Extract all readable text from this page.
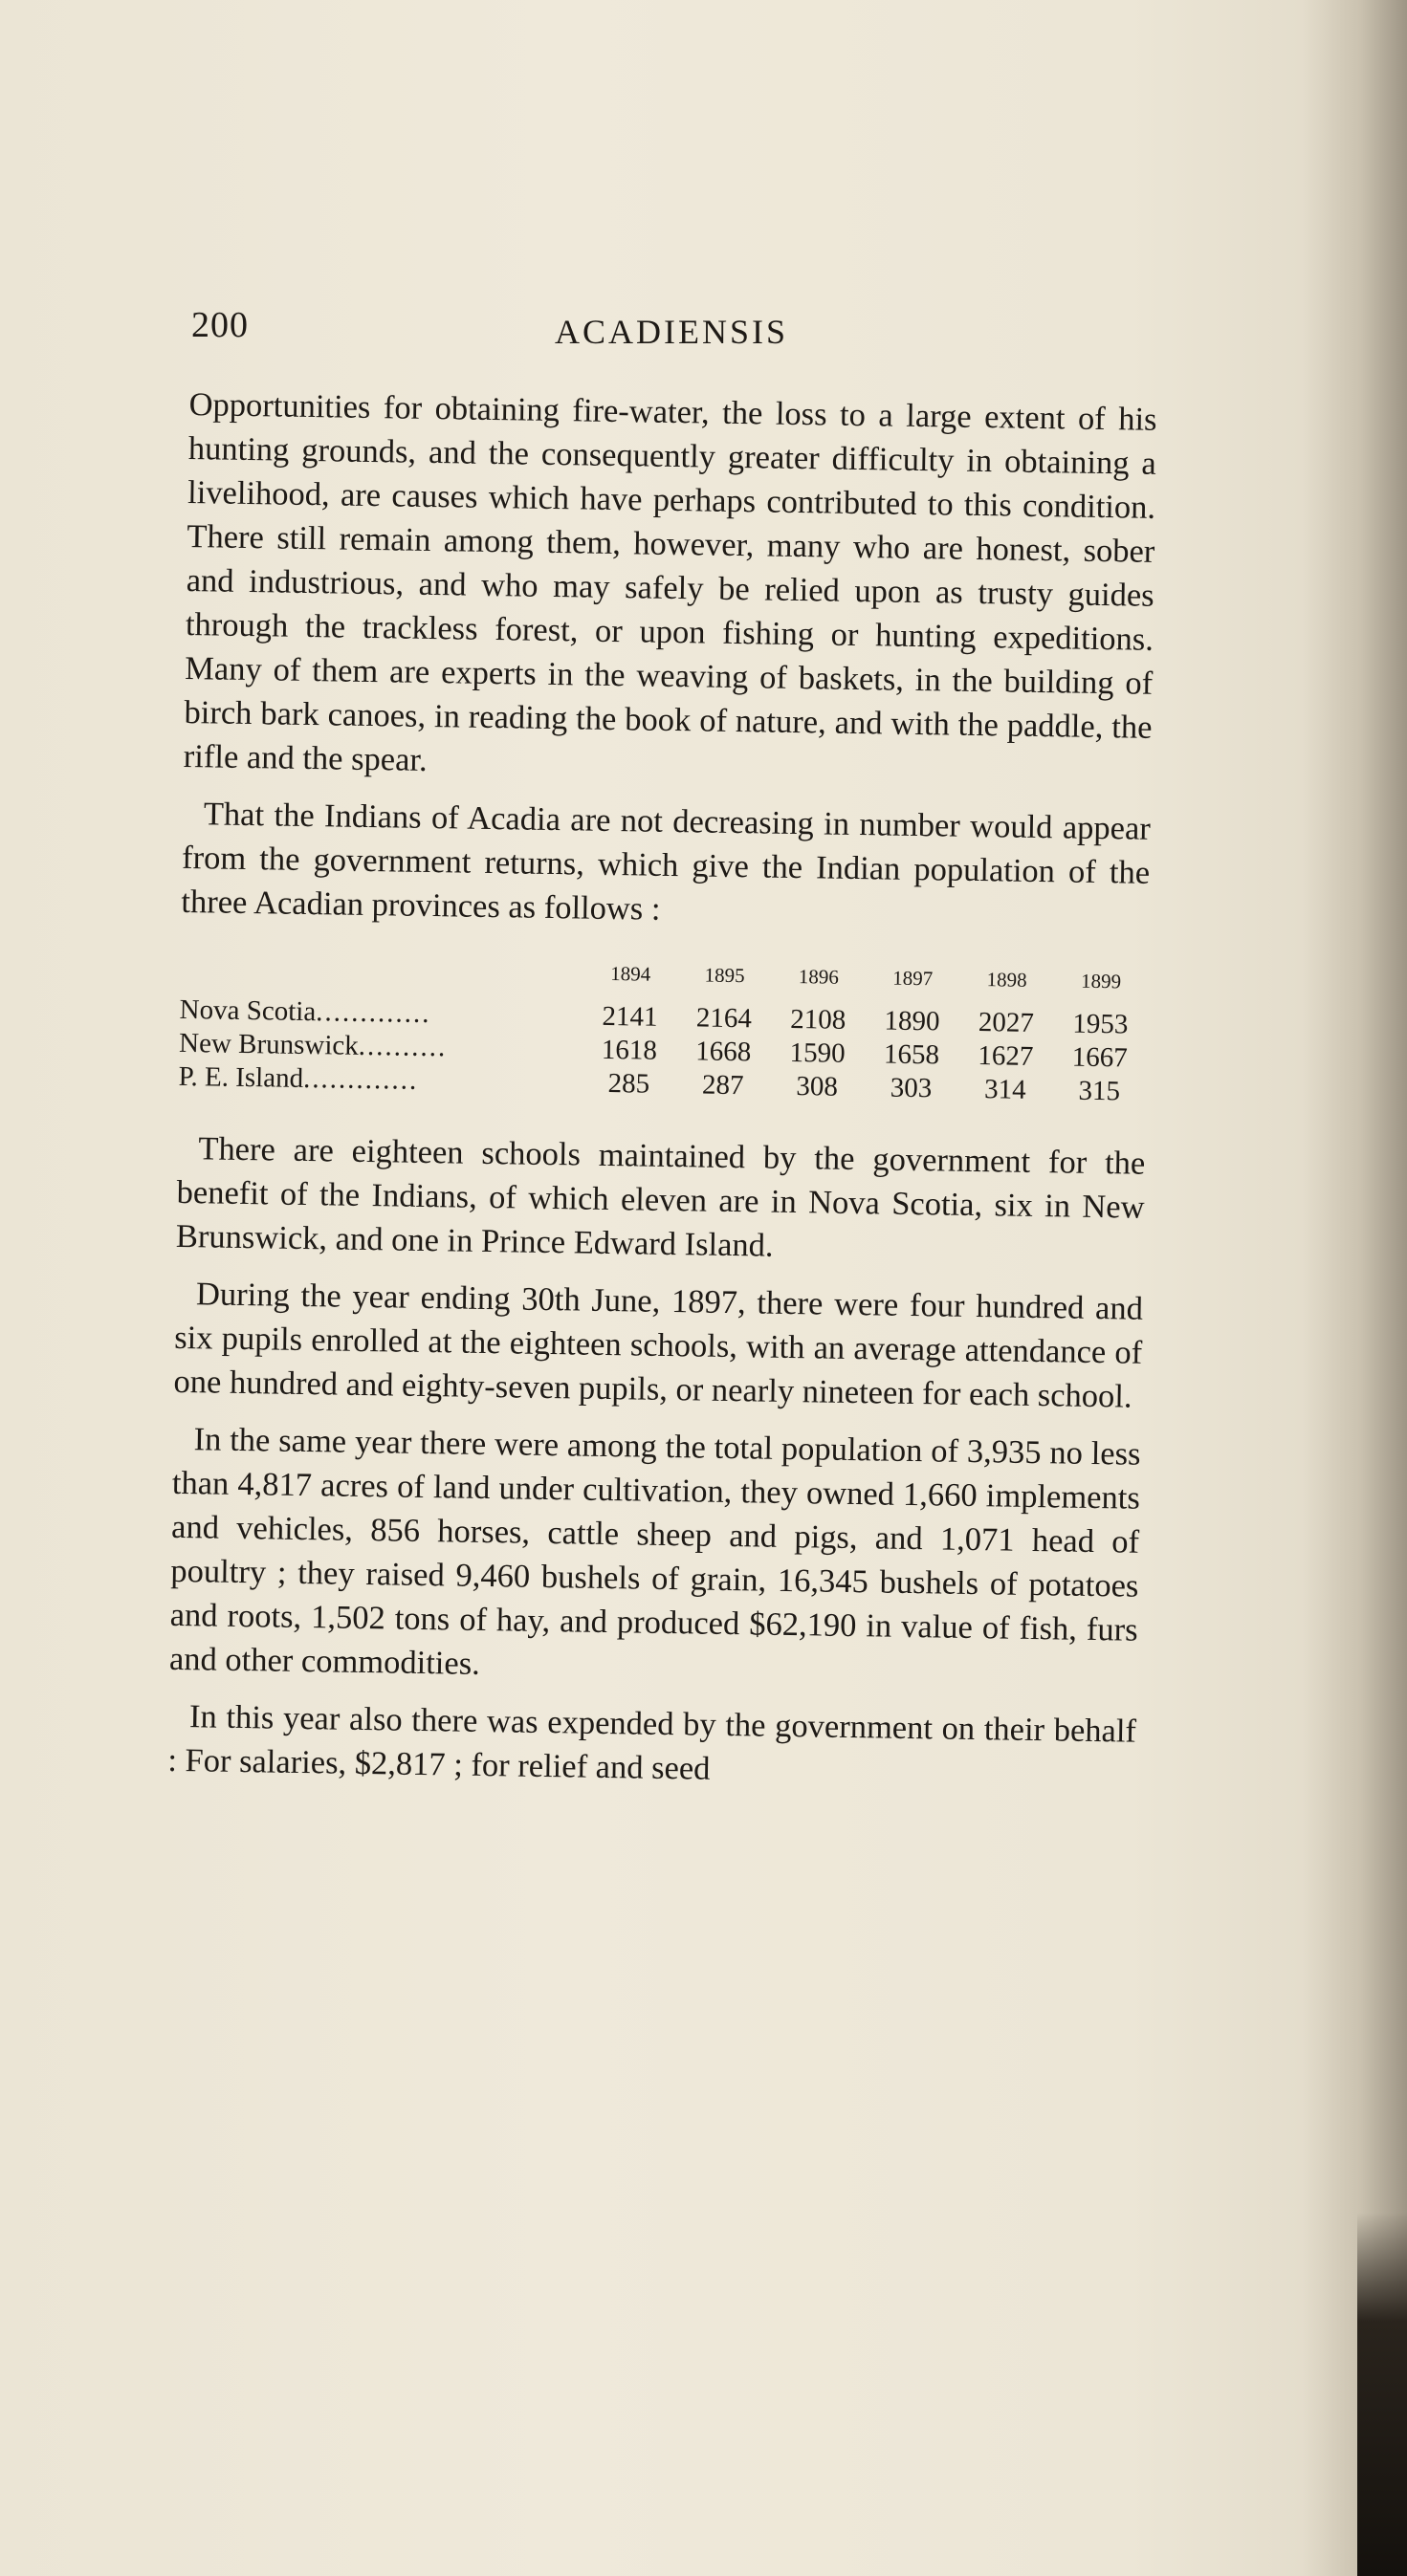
200	ACADIENSIS

Opportunities for obtaining fire-water, the loss to a large extent of his hunting grounds, and the consequently greater difficulty in obtaining a livelihood, are causes which have perhaps contributed to this condition. There still remain among them, however, many who are honest, sober and industrious, and who may safely be relied upon as trusty guides through the trackless forest, or upon fishing or hunting expeditions. Many of them are experts in the weaving of baskets, in the building of birch bark canoes, in reading the book of nature, and with the paddle, the rifle and the spear.

That the Indians of Acadia are not decreasing in number would appear from the government returns, which give the Indian population of the three Acadian provinces as follows :

	1894	1895	1896	1897	1898	1899
Nova Scotia.............	2141	2164	2108	1890	2027	1953
New Brunswick..........	1618	1668	1590	1658	1627	1667
P. E. Island.............	285	287	308	303	314	315

There are eighteen schools maintained by the government for the benefit of the Indians, of which eleven are in Nova Scotia, six in New Brunswick, and one in Prince Edward Island.

During the year ending 30th June, 1897, there were four hundred and six pupils enrolled at the eighteen schools, with an average attendance of one hundred and eighty-seven pupils, or nearly nineteen for each school.

In the same year there were among the total population of 3,935 no less than 4,817 acres of land under cultivation, they owned 1,660 implements and vehicles, 856 horses, cattle sheep and pigs, and 1,071 head of poultry ; they raised 9,460 bushels of grain, 16,345 bushels of potatoes and roots, 1,502 tons of hay, and produced $62,190 in value of fish, furs and other commodities.

In this year also there was expended by the government on their behalf : For salaries, $2,817 ; for relief and seed
